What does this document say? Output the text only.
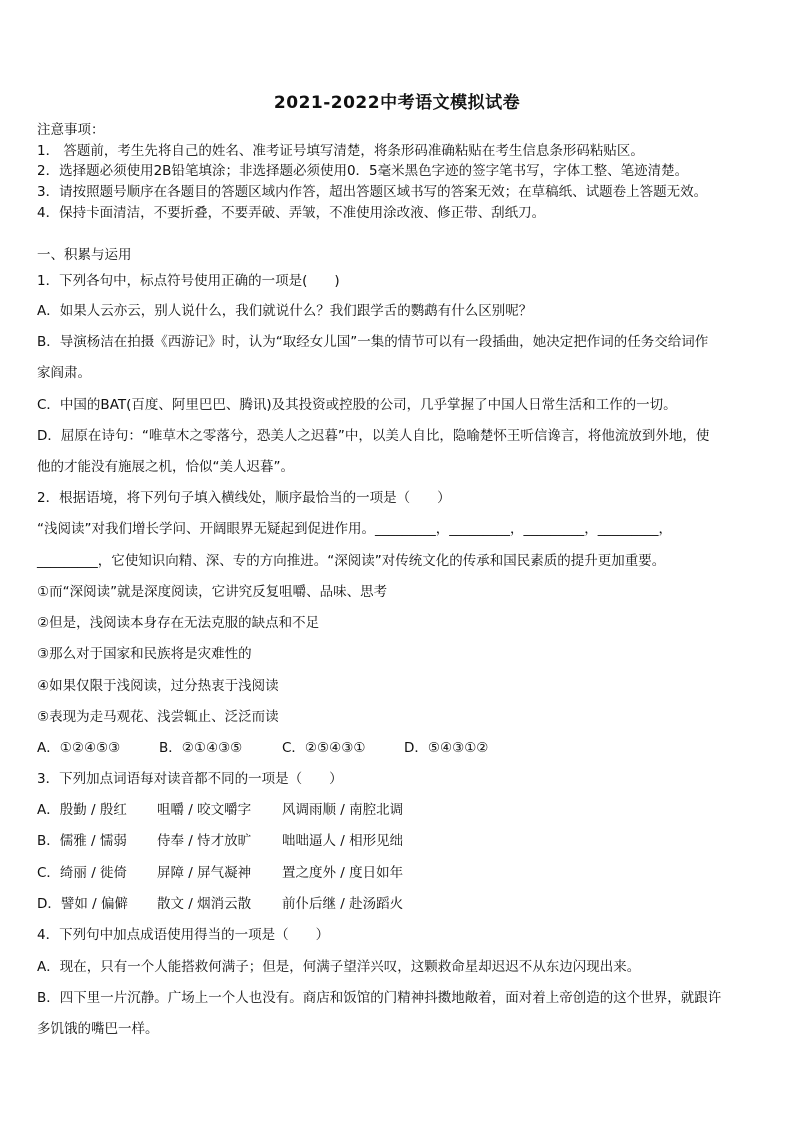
2021-2022中考语文模拟试卷

注意事项：

1． 答题前，考生先将自己的姓名、准考证号填写清楚，将条形码准确粘贴在考生信息条形码粘贴区。

2．选择题必须使用2B铅笔填涂；非选择题必须使用0．5毫米黑色字迹的签字笔书写，字体工整、笔迹清楚。

3．请按照题号顺序在各题目的答题区域内作答，超出答题区域书写的答案无效；在草稿纸、试题卷上答题无效。

4．保持卡面清洁，不要折叠，不要弄破、弄皱，不准使用涂改液、修正带、刮纸刀。

一、积累与运用

1．下列各句中，标点符号使用正确的一项是(　　)

A．如果人云亦云，别人说什么，我们就说什么？我们跟学舌的鹦鹉有什么区别呢？

B．导演杨洁在拍摄《西游记》时，认为“取经女儿国”一集的情节可以有一段插曲，她决定把作词的任务交给词作

家阎肃。

C．中国的BAT(百度、阿里巴巴、腾讯)及其投资或控股的公司，几乎掌握了中国人日常生活和工作的一切。

D．屈原在诗句：“唯草木之零落兮，恐美人之迟暮”中，以美人自比，隐喻楚怀王听信谗言，将他流放到外地，使

他的才能没有施展之机，恰似“美人迟暮”。

2．根据语境，将下列句子填入横线处，顺序最恰当的一项是（　　）

“浅阅读”对我们增长学问、开阔眼界无疑起到促进作用。_________，_________，_________，_________，

_________，它使知识向精、深、专的方向推进。“深阅读”对传统文化的传承和国民素质的提升更加重要。

①而“深阅读”就是深度阅读，它讲究反复咀嚼、品味、思考

②但是，浅阅读本身存在无法克服的缺点和不足

③那么对于国家和民族将是灾难性的

④如果仅限于浅阅读，过分热衷于浅阅读

⑤表现为走马观花、浅尝辄止、泛泛而读

A．①②④⑤③	B．②①④③⑤	C．②⑤④③①	D．⑤④③①②

3．下列加点词语每对读音都不同的一项是（　　）

A．殷勤 / 殷红 咀嚼 / 咬文嚼字 风调雨顺 / 南腔北调
B．儒雅 / 懦弱 侍奉 / 恃才放旷 咄咄逼人 / 相形见绌
C．绮丽 / 徙倚 屏障 / 屏气凝神 置之度外 / 度日如年
D．譬如 / 偏僻 散文 / 烟消云散 前仆后继 / 赴汤蹈火

4．下列句中加点成语使用得当的一项是（　　）

A．现在，只有一个人能搭救何满子；但是，何满子望洋兴叹，这颗救命星却迟迟不从东边闪现出来。

B．四下里一片沉静。广场上一个人也没有。商店和饭馆的门精神抖擞地敞着，面对着上帝创造的这个世界，就跟许

多饥饿的嘴巴一样。
